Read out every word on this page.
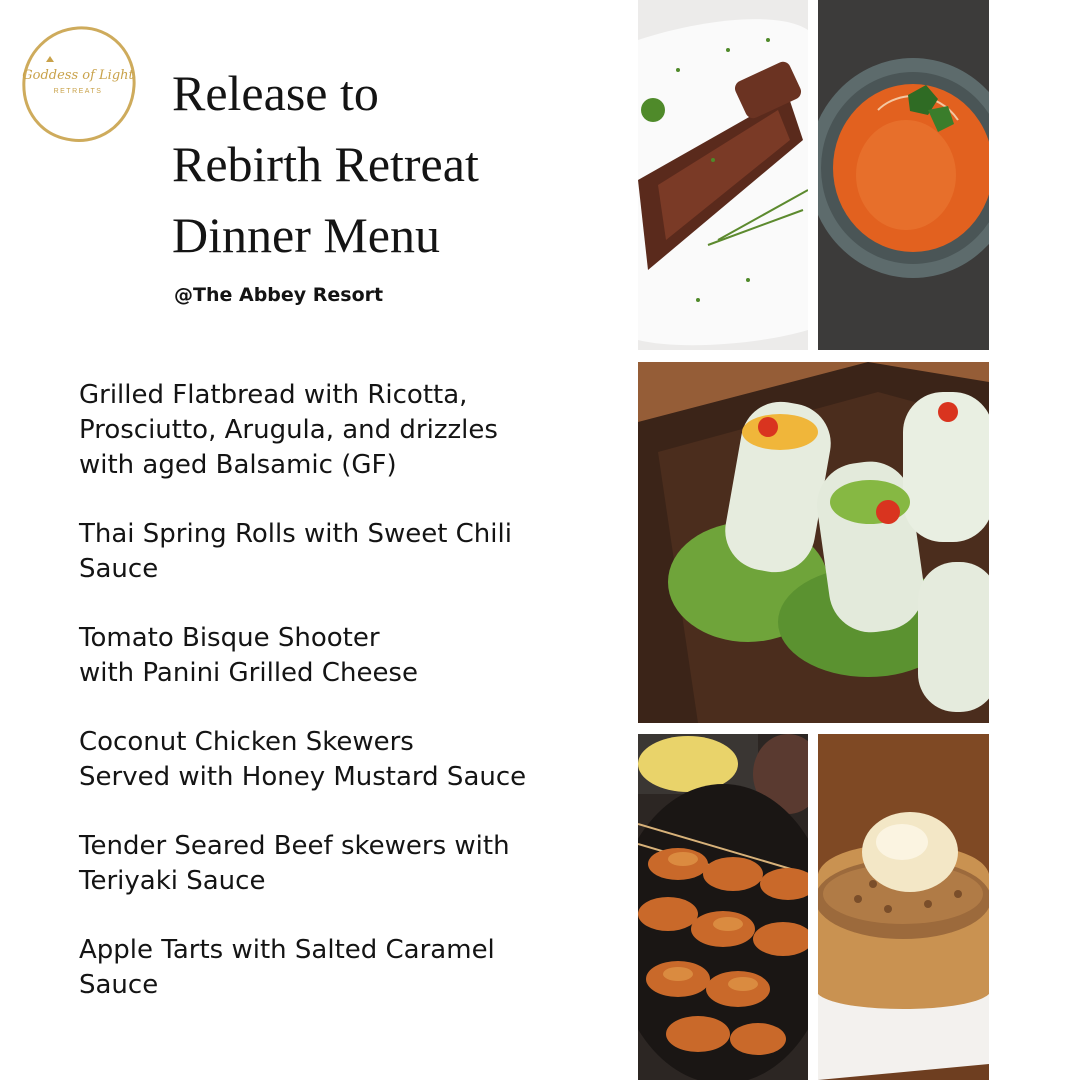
Goddess of Light
RETREATS	Release to
Rebirth Retreat
Dinner Menu
@The Abbey Resort
Grilled Flatbread with Ricotta,
Prosciutto, Arugula, and drizzles
with aged Balsamic (GF)
Thai Spring Rolls with Sweet Chili
Sauce
Tomato Bisque Shooter
with Panini Grilled Cheese
Coconut Chicken Skewers
Served with Honey Mustard Sauce
Tender Seared Beef skewers with
Teriyaki Sauce
Apple Tarts with Salted Caramel
Sauce
